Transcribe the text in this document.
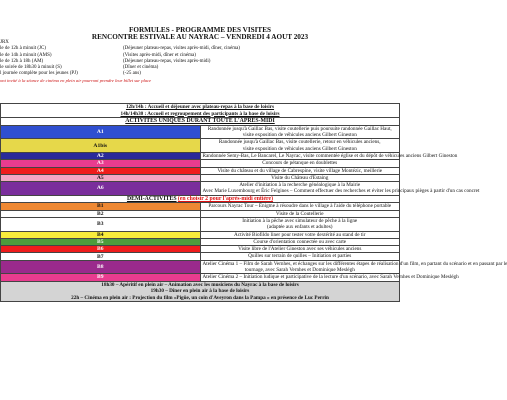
FORMULES - PROGRAMME DES VISITES
RENCONTRE ESTIVALE AU NAYRAC – VENDREDI 4 AOUT 2023
JRX
le de 12h à minuit (JC)	(Déjeuner plateau-repas, visites après-midi, dîner, cinéma)
le de 14h à minuit (AMS)	(Visites après-midi, dîner et cinéma)
le de 12h à 18h (AM)	(Déjeuner plateau-repas, visites après-midi)
le soirée de 18h30 à minuit (S)	(Dîner et cinéma)
l journée complète pour les jeunes (PJ)	(-25 ans)
ont invité à la séance de cinéma en plein air pourront prendre leur billet sur place
12h/14h : Accueil et déjeuner avec plateau-repas à la base de loisirs
14h/14h30 : Accueil et regroupement des participants à la base de loisirs	

ACTIVITES UNIQUES DURANT TOUTE L'APRES-MIDI	
A1	Randonnée jusqu'à Gaillac Bas, visite coutellerie puis poursuite randonnée Gaillac Haut,
visite exposition de véhicules anciens Gilbert Gineston

A1bis	Randonnée jusqu'à Gaillac Bas, visite coutellerie, retour en véhicules anciens,
visite exposition de véhicules anciens Gilbert Gineston

A2	Randonnée Semy-Bas, Le Bancarel, Le Nayrac, visite commentée église et du dépôt de véhicules anciens Gilbert Gineston

A3	Concours de pétanque en doublettes

A4	Visite du château et du village de Cabrespine, visite village Montézic, meillerie

A5	Visite du Château d'Estaing

A6	Atelier d'initiation à la recherche généalogique à la Mairie
Avec Marie Luxembourg et Éric Felgines – Comment effectuer des recherches et éviter les principaux pièges à partir d'un cas concret

DEMI-ACTIVITES (en choisir 2 pour l'après-midi entière)	
B1	Parcours Nayrac Tour – Énigme à résoudre dans le village à l'aide du téléphone portable

B2	Visite de la Coutellerie

B3	Initiation à la pêche avec simulateur de pêche à la ligne
(adaptée aux enfants et adultes)

B4	Activité Biofildo liner pour tester votre dextérité au stand de tir

B5	Course d'orientation connectée ou avec carte

B6	Visite libre de l'Atelier Gineston avec ses véhicules anciens

B7	Quilles sur terrain de quilles – Initiation et parties

B8	Atelier Cinéma 1 – Film de Sarah Vernhes, et échanges sur les différentes étapes de réalisation d'un film, en partant du scénario et en passant par le
tournage, avec Sarah Vernhes et Dominique Meslégh

B9	Atelier Cinéma 2 – Initiation ludique et participative de la lecture d'un scénario, avec Sarah Vernhes et Dominique Meslégh

18h30 – Apéritif en plein air – Animation avec les musiciens du Nayrac à la base de loisirs
19h30 – Dîner en plein air à la base de loisirs
22h – Cinéma en plein air : Projection du film «Pigüe, un coin d'Aveyron dans la Pampa » en présence de Luc Perrin	
